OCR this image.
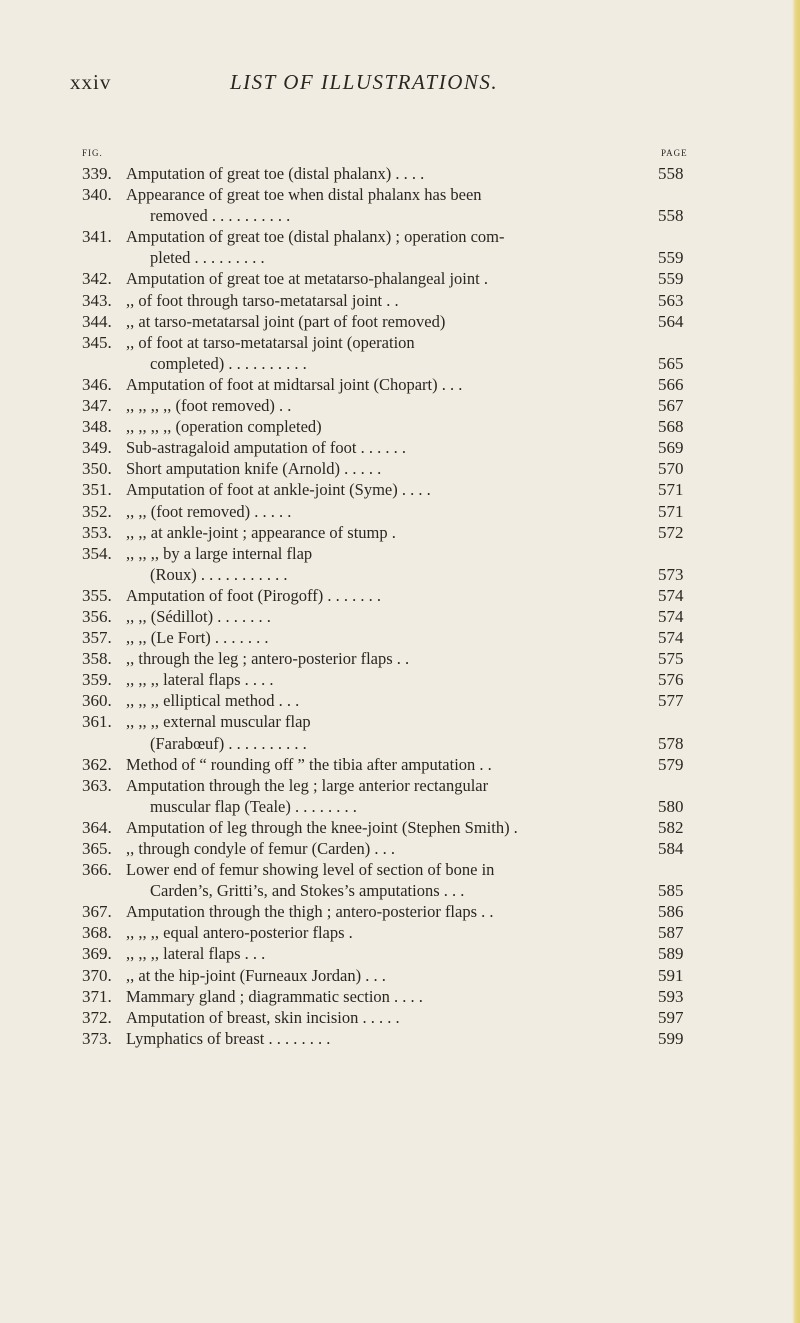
xxiv	LIST OF ILLUSTRATIONS.
FIG.	PAGE
339. Amputation of great toe (distal phalanx) . . . .	558
340. Appearance of great toe when distal phalanx has been
removed . . . . . . . . . .	558
341. Amputation of great toe (distal phalanx) ; operation com-
pleted . . . . . . . . .	559
342. Amputation of great toe at metatarso-phalangeal joint .	559
343. ,, of foot through tarso-metatarsal joint . .	563
344. ,, at tarso-metatarsal joint (part of foot removed)	564
345. ,, of foot at tarso-metatarsal joint (operation
completed) . . . . . . . . . .	565
346. Amputation of foot at midtarsal joint (Chopart) . . .	566
347. ,, ,, ,, ,, (foot removed) . .	567
348. ,, ,, ,, ,, (operation completed)	568
349. Sub-astragaloid amputation of foot . . . . . .	569
350. Short amputation knife (Arnold) . . . . .	570
351. Amputation of foot at ankle-joint (Syme) . . . .	571
352. ,, ,, (foot removed) . . . . .	571
353. ,, ,, at ankle-joint ; appearance of stump .	572
354. ,, ,, ,, by a large internal flap
(Roux) . . . . . . . . . . .	573
355. Amputation of foot (Pirogoff) . . . . . . .	574
356. ,, ,, (Sédillot) . . . . . . .	574
357. ,, ,, (Le Fort) . . . . . . .	574
358. ,, through the leg ; antero-posterior flaps . .	575
359. ,, ,, ,, lateral flaps . . . .	576
360. ,, ,, ,, elliptical method . . .	577
361. ,, ,, ,, external muscular flap
(Farabœuf) . . . . . . . . . .	578
362. Method of “ rounding off ” the tibia after amputation . .	579
363. Amputation through the leg ; large anterior rectangular
muscular flap (Teale) . . . . . . . .	580
364. Amputation of leg through the knee-joint (Stephen Smith) .	582
365. ,, through condyle of femur (Carden) . . .	584
366. Lower end of femur showing level of section of bone in
Carden’s, Gritti’s, and Stokes’s amputations . . .	585
367. Amputation through the thigh ; antero-posterior flaps . .	586
368. ,, ,, ,, equal antero-posterior flaps .	587
369. ,, ,, ,, lateral flaps . . .	589
370. ,, at the hip-joint (Furneaux Jordan) . . .	591
371. Mammary gland ; diagrammatic section . . . .	593
372. Amputation of breast, skin incision . . . . .	597
373. Lymphatics of breast . . . . . . . .	599
